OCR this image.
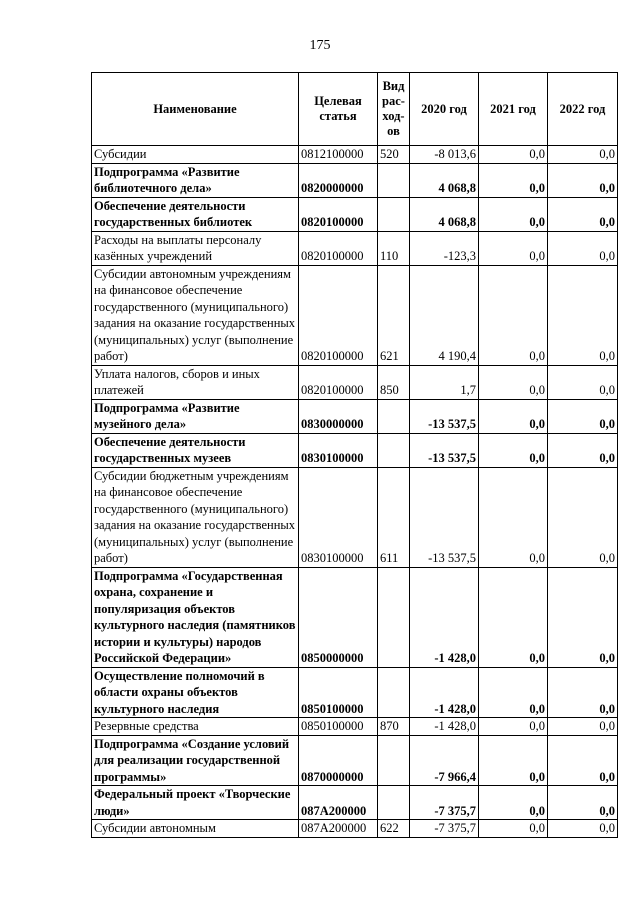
175
Наименование	Целевая статья	Вид рас-ход-ов	2020 год	2021 год	2022 год
Субсидии	0812100000	520	-8 013,6	0,0	0,0
Подпрограмма «Развитие библиотечного дела»	0820000000		4 068,8	0,0	0,0
Обеспечение деятельности государственных библиотек	0820100000		4 068,8	0,0	0,0
Расходы на выплаты персоналу казённых учреждений	0820100000	110	-123,3	0,0	0,0
Субсидии автономным учреждениям на финансовое обеспечение государственного (муниципального) задания на оказание государственных (муниципальных) услуг (выполнение работ)	0820100000	621	4 190,4	0,0	0,0
Уплата налогов, сборов и иных платежей	0820100000	850	1,7	0,0	0,0
Подпрограмма «Развитие музейного дела»	0830000000		-13 537,5	0,0	0,0
Обеспечение деятельности государственных музеев	0830100000		-13 537,5	0,0	0,0
Субсидии бюджетным учреждениям на финансовое обеспечение государственного (муниципального) задания на оказание государственных (муниципальных) услуг (выполнение работ)	0830100000	611	-13 537,5	0,0	0,0
Подпрограмма «Государственная охрана, сохранение и популяризация объектов культурного наследия (памятников истории и культуры) народов Российской Федерации»	0850000000		-1 428,0	0,0	0,0
Осуществление полномочий в области охраны объектов культурного наследия	0850100000		-1 428,0	0,0	0,0
Резервные средства	0850100000	870	-1 428,0	0,0	0,0
Подпрограмма «Создание условий для реализации государственной программы»	0870000000		-7 966,4	0,0	0,0
Федеральный проект «Творческие люди»	087A200000		-7 375,7	0,0	0,0
Субсидии автономным	087A200000	622	-7 375,7	0,0	0,0
